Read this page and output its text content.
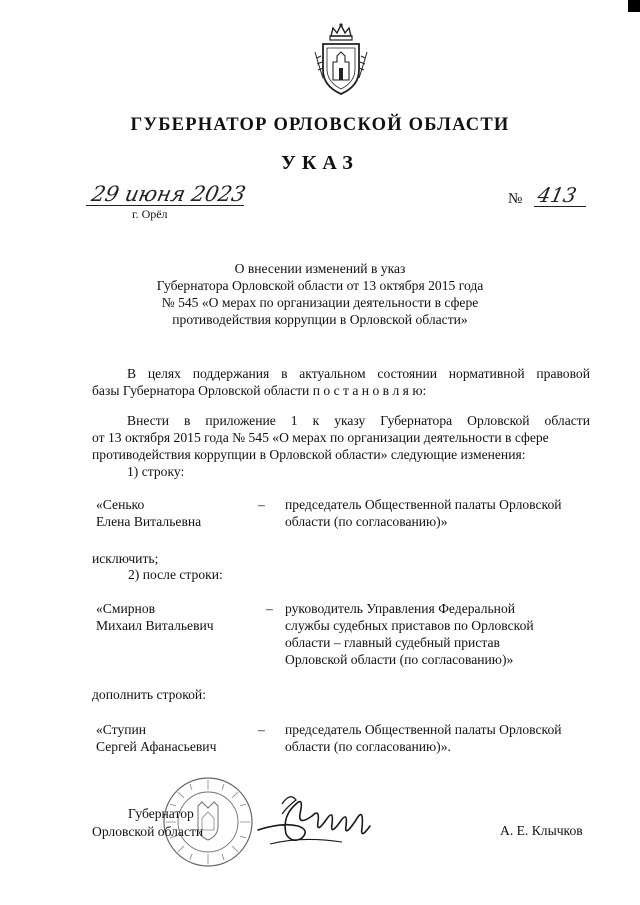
ГУБЕРНАТОР ОРЛОВСКОЙ ОБЛАСТИ
УКАЗ
29 июня 2023
г. Орёл
№ 413
О внесении изменений в указ
Губернатора Орловской области от 13 октября 2015 года
№ 545 «О мерах по организации деятельности в сфере
противодействия коррупции в Орловской области»
В целях поддержания в актуальном состоянии нормативной правовой
базы Губернатора Орловской области п о с т а н о в л я ю:
Внести в приложение 1 к указу Губернатора Орловской области
от 13 октября 2015 года № 545 «О мерах по организации деятельности в сфере
противодействия коррупции в Орловской области» следующие изменения:
1) строку:
«Сенько
Елена Витальевна
– председатель Общественной палаты Орловской
области (по согласованию)»
исключить;
2) после строки:
«Смирнов
Михаил Витальевич
– руководитель Управления Федеральной
службы судебных приставов по Орловской
области – главный судебный пристав
Орловской области (по согласованию)»
дополнить строкой:
«Ступин
Сергей Афанасьевич
– председатель Общественной палаты Орловской
области (по согласованию)».
Губернатор
Орловской области	А. Е. Клычков
